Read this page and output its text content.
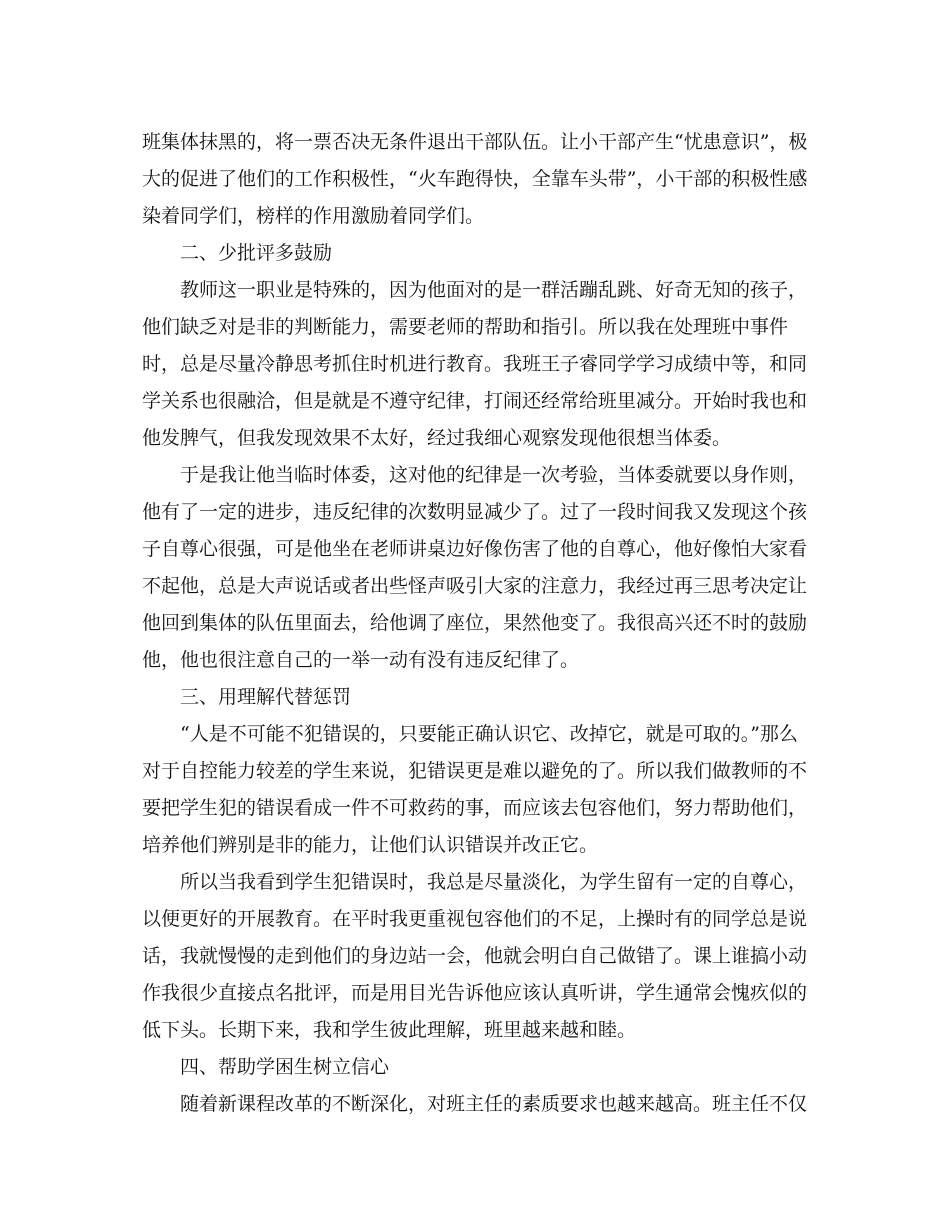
班集体抹黑的，将一票否决无条件退出干部队伍。让小干部产生“忧患意识”，极
大的促进了他们的工作积极性，“火车跑得快，全靠车头带”，小干部的积极性感
染着同学们，榜样的作用激励着同学们。
二、少批评多鼓励
教师这一职业是特殊的，因为他面对的是一群活蹦乱跳、好奇无知的孩子，
他们缺乏对是非的判断能力，需要老师的帮助和指引。所以我在处理班中事件
时，总是尽量冷静思考抓住时机进行教育。我班王子睿同学学习成绩中等，和同
学关系也很融洽，但是就是不遵守纪律，打闹还经常给班里减分。开始时我也和
他发脾气，但我发现效果不太好，经过我细心观察发现他很想当体委。
于是我让他当临时体委，这对他的纪律是一次考验，当体委就要以身作则，
他有了一定的进步，违反纪律的次数明显减少了。过了一段时间我又发现这个孩
子自尊心很强，可是他坐在老师讲桌边好像伤害了他的自尊心，他好像怕大家看
不起他，总是大声说话或者出些怪声吸引大家的注意力，我经过再三思考决定让
他回到集体的队伍里面去，给他调了座位，果然他变了。我很高兴还不时的鼓励
他，他也很注意自己的一举一动有没有违反纪律了。
三、用理解代替惩罚
“人是不可能不犯错误的，只要能正确认识它、改掉它，就是可取的。”那么
对于自控能力较差的学生来说，犯错误更是难以避免的了。所以我们做教师的不
要把学生犯的错误看成一件不可救药的事，而应该去包容他们，努力帮助他们，
培养他们辨别是非的能力，让他们认识错误并改正它。
所以当我看到学生犯错误时，我总是尽量淡化，为学生留有一定的自尊心，
以便更好的开展教育。在平时我更重视包容他们的不足，上操时有的同学总是说
话，我就慢慢的走到他们的身边站一会，他就会明白自己做错了。课上谁搞小动
作我很少直接点名批评，而是用目光告诉他应该认真听讲，学生通常会愧疚似的
低下头。长期下来，我和学生彼此理解，班里越来越和睦。
四、帮助学困生树立信心
随着新课程改革的不断深化，对班主任的素质要求也越来越高。班主任不仅
